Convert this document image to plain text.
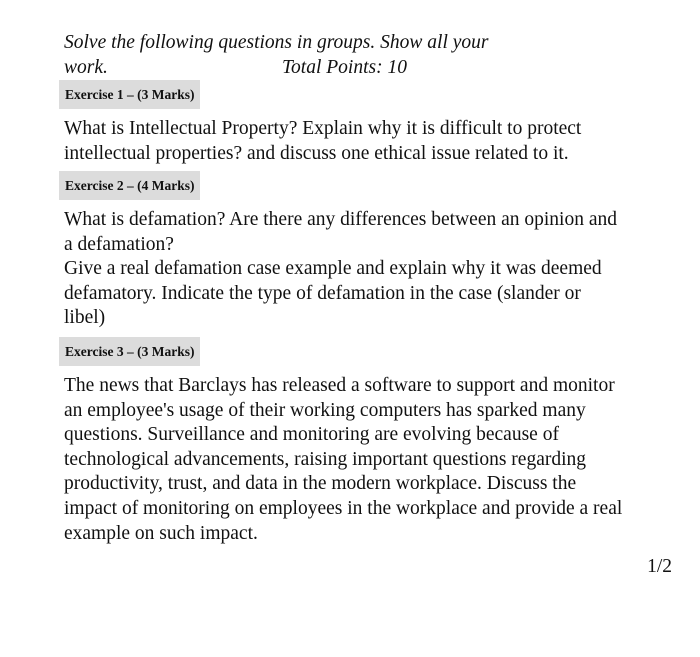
Solve the following questions in groups. Show all your
work.	Total Points: 10
Exercise 1 – (3 Marks)

What is Intellectual Property? Explain why it is difficult to protect
intellectual properties? and discuss one ethical issue related to it.

Exercise 2 – (4 Marks)

What is defamation? Are there any differences between an opinion and
a defamation?
Give a real defamation case example and explain why it was deemed
defamatory. Indicate the type of defamation in the case (slander or
libel)

Exercise 3 – (3 Marks)

The news that Barclays has released a software to support and monitor
an employee's usage of their working computers has sparked many
questions. Surveillance and monitoring are evolving because of
technological advancements, raising important questions regarding
productivity, trust, and data in the modern workplace. Discuss the
impact of monitoring on employees in the workplace and provide a real
example on such impact.

1/2
